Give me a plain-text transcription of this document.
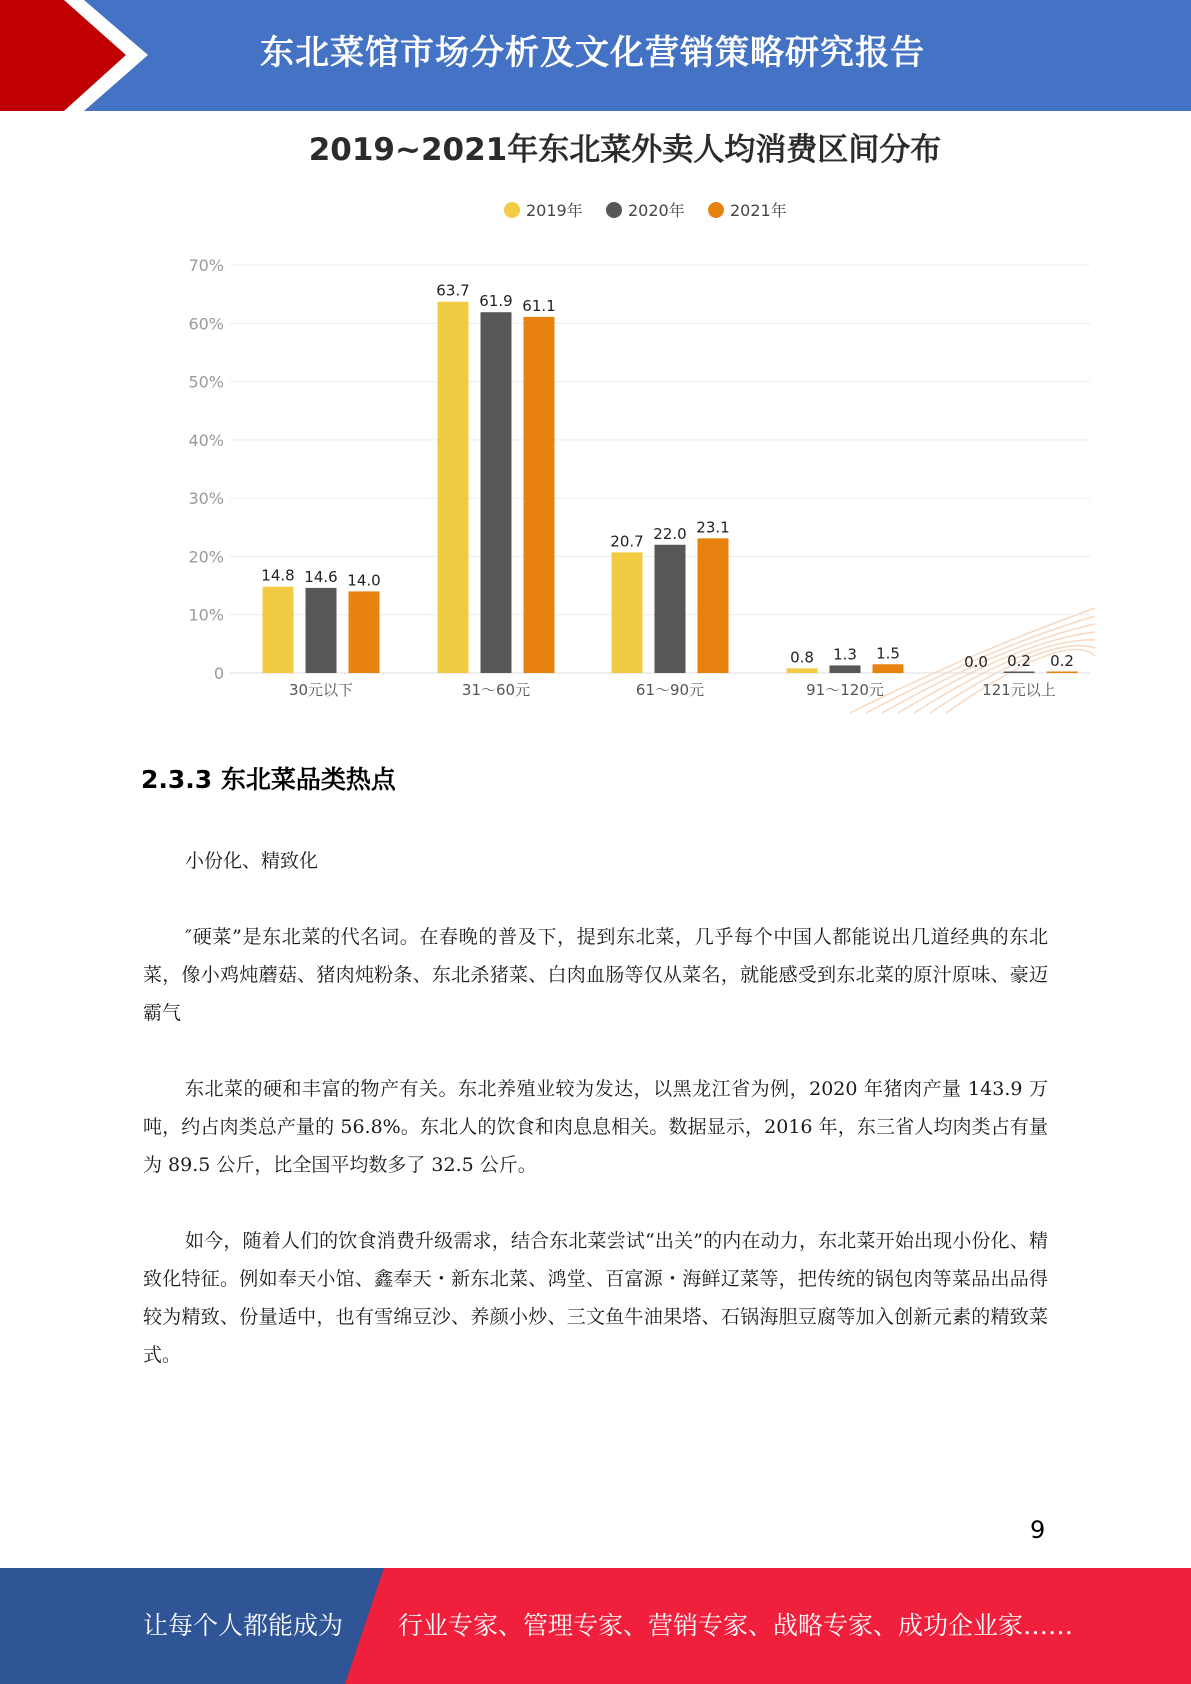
东北菜馆市场分析及文化营销策略研究报告
2019~2021年东北菜外卖人均消费区间分布
2019年	2020年	2021年
0
10%
20%
30%
40%
50%
60%
70%
14.8 14.6 14.0
30元以下
63.7
61.9 61.1
31～60元
20.7 22.0 23.1
61～90元
0.8 1.3 1.5
91～120元
0.0 0.2 0.2
121元以上
2.3.3 东北菜品类热点

小份化、精致化

″硬菜”是东北菜的代名词。在春晚的普及下，提到东北菜，几乎每个中国人都能说出几道经典的东北菜，像小鸡炖蘑菇、猪肉炖粉条、东北杀猪菜、白肉血肠等仅从菜名，就能感受到东北菜的原汁原味、豪迈霸气

东北菜的硬和丰富的物产有关。东北养殖业较为发达，以黑龙江省为例，2020 年猪肉产量 143.9 万吨，约占肉类总产量的 56.8%。东北人的饮食和肉息息相关。数据显示，2016 年，东三省人均肉类占有量为 89.5 公斤，比全国平均数多了 32.5 公斤。

如今，随着人们的饮食消费升级需求，结合东北菜尝试“出关”的内在动力，东北菜开始出现小份化、精致化特征。例如奉天小馆、鑫奉天・新东北菜、鸿堂、百富源・海鲜辽菜等，把传统的锅包肉等菜品出品得较为精致、份量适中，也有雪绵豆沙、养颜小炒、三文鱼牛油果塔、石锅海胆豆腐等加入创新元素的精致菜式。

9
让每个人都能成为 行业专家、管理专家、营销专家、战略专家、成功企业家……
